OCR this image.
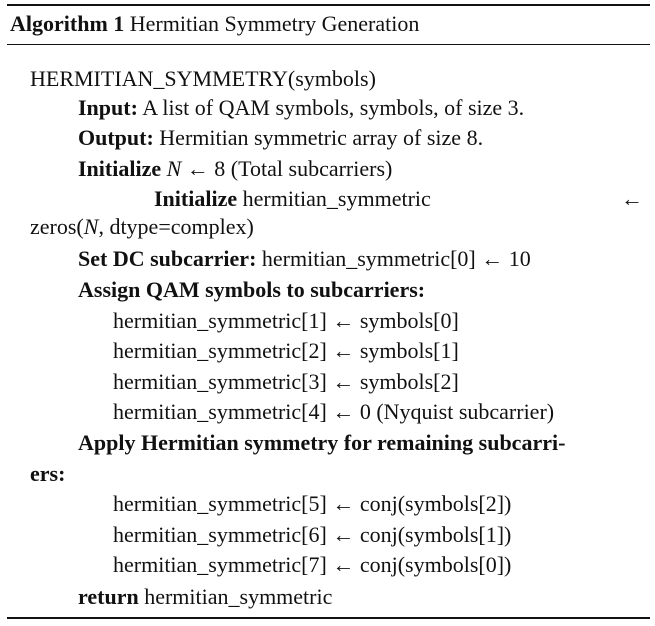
Algorithm 1 Hermitian Symmetry Generation
HERMITIAN_SYMMETRY(symbols)
Input: A list of QAM symbols, symbols, of size 3.
Output: Hermitian symmetric array of size 8.
Initialize N ← 8 (Total subcarriers)
Initialize hermitian_symmetric	←
zeros(N, dtype=complex)
Set DC subcarrier: hermitian_symmetric[0] ← 10
Assign QAM symbols to subcarriers:
hermitian_symmetric[1] ← symbols[0]
hermitian_symmetric[2] ← symbols[1]
hermitian_symmetric[3] ← symbols[2]
hermitian_symmetric[4] ← 0 (Nyquist subcarrier)
Apply Hermitian symmetry for remaining subcarri-
ers:
hermitian_symmetric[5] ← conj(symbols[2])
hermitian_symmetric[6] ← conj(symbols[1])
hermitian_symmetric[7] ← conj(symbols[0])
return hermitian_symmetric
